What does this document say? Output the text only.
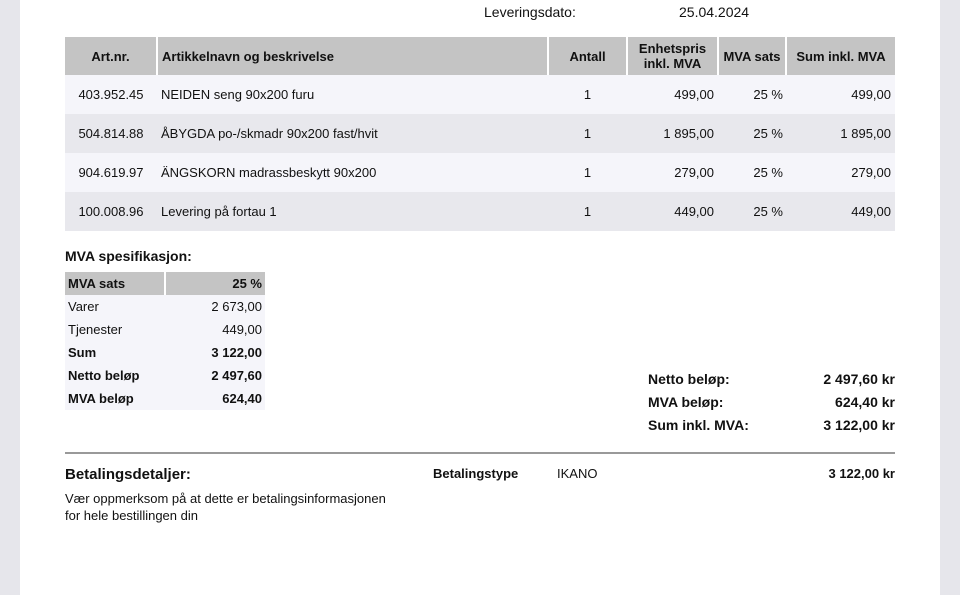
Leveringsdato:	25.04.2024
Art.nr.	Artikkelnavn og beskrivelse	Antall	Enhetspris inkl. MVA	MVA sats	Sum inkl. MVA
403.952.45	NEIDEN seng 90x200 furu	1	499,00	25 %	499,00
504.814.88	ÅBYGDA po-/skmadr 90x200 fast/hvit	1	1 895,00	25 %	1 895,00
904.619.97	ÄNGSKORN madrassbeskytt 90x200	1	279,00	25 %	279,00
100.008.96	Levering på fortau 1	1	449,00	25 %	449,00
MVA spesifikasjon:
MVA sats	25 %
Varer	2 673,00
Tjenester	449,00
Sum	3 122,00
Netto beløp	2 497,60
MVA beløp	624,40
Netto beløp:	2 497,60 kr
MVA beløp:	624,40 kr
Sum inkl. MVA:	3 122,00 kr
Betalingsdetaljer:	Betalingstype	IKANO	3 122,00 kr
Vær oppmerksom på at dette er betalingsinformasjonen
for hele bestillingen din
